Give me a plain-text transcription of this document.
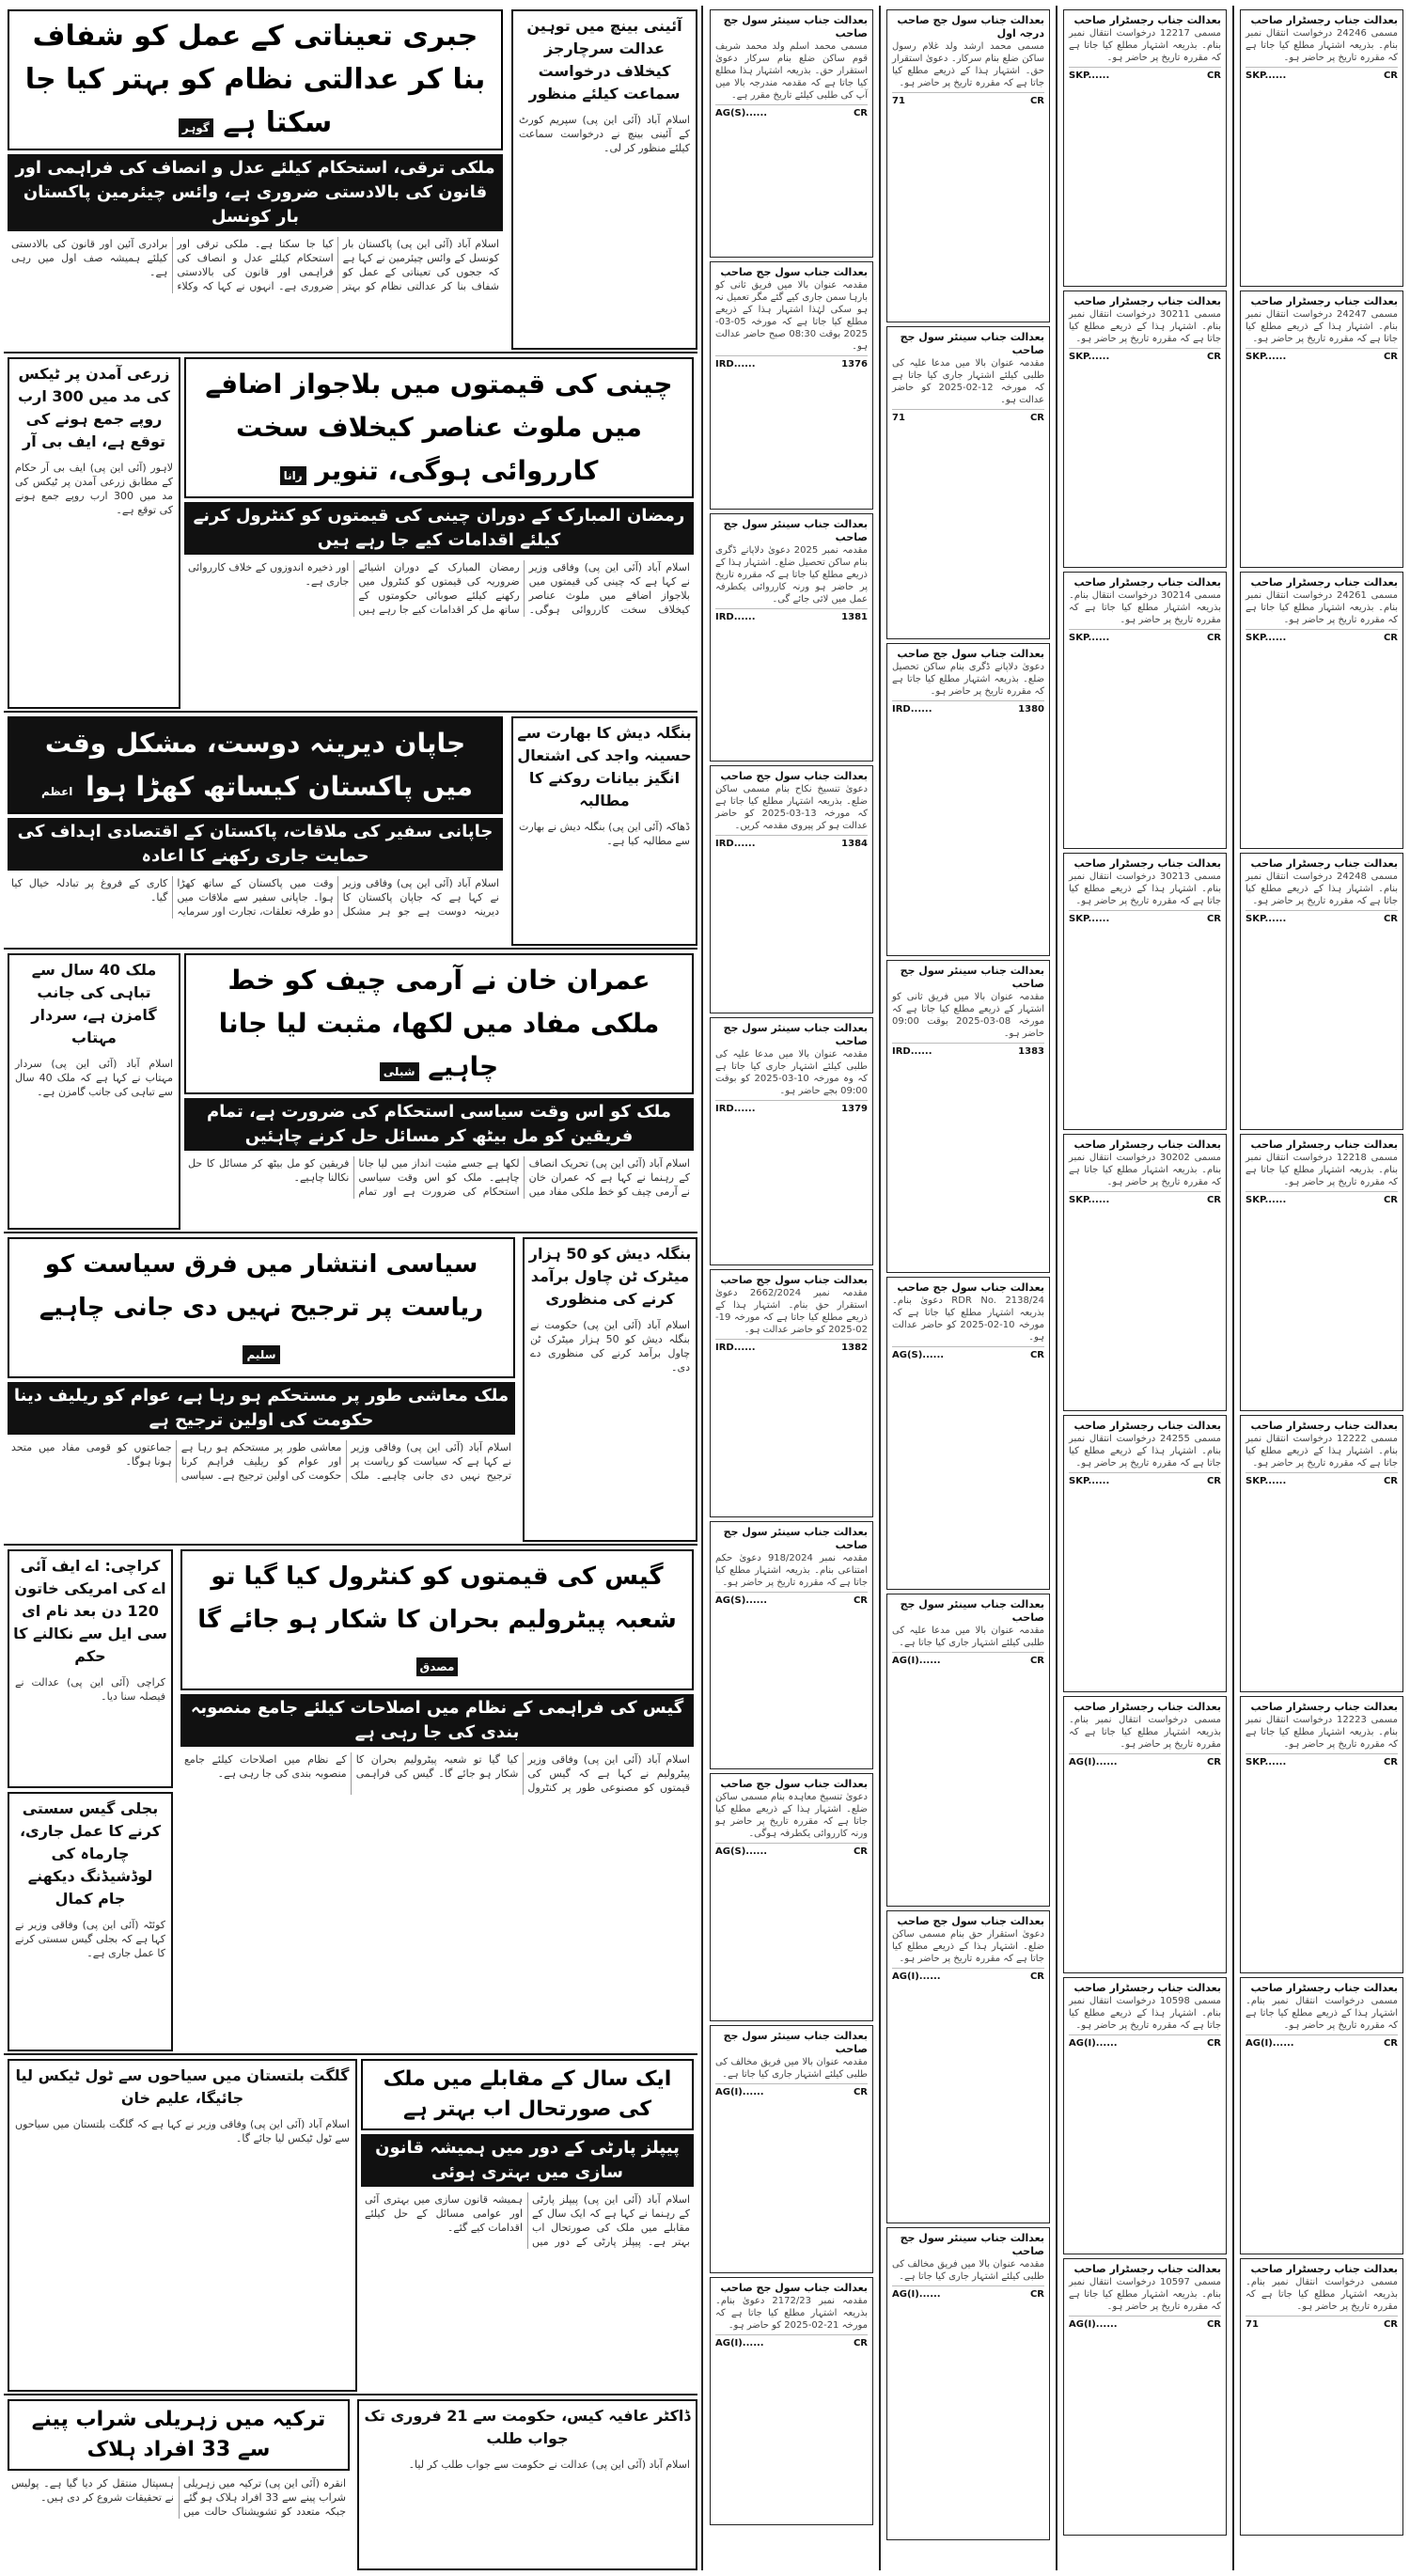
جبری تعیناتی کے عمل کو شفاف بنا کر عدالتی نظام کو بہتر کیا جا سکتا ہے گوہر
ملکی ترقی، استحکام کیلئے عدل و انصاف کی فراہمی اور قانون کی بالادستی ضروری ہے، وائس چیئرمین پاکستان بار کونسل
اسلام آباد (آئی این پی) پاکستان بار کونسل کے وائس چیئرمین نے کہا ہے کہ ججوں کی تعیناتی کے عمل کو شفاف بنا کر عدالتی نظام کو بہتر کیا جا سکتا ہے۔ ملکی ترقی اور استحکام کیلئے عدل و انصاف کی فراہمی اور قانون کی بالادستی ضروری ہے۔ انہوں نے کہا کہ وکلاء برادری آئین اور قانون کی بالادستی کیلئے ہمیشہ صف اول میں رہی ہے۔
آئینی بینچ میں توہین عدالت سرچارجز کیخلاف درخواست سماعت کیلئے منظور
اسلام آباد (آئی این پی) سپریم کورٹ کے آئینی بینچ نے درخواست سماعت کیلئے منظور کر لی۔
زرعی آمدن پر ٹیکس کی مد میں 300 ارب روپے جمع ہونے کی توقع ہے، ایف بی آر
لاہور (آئی این پی) ایف بی آر حکام کے مطابق زرعی آمدن پر ٹیکس کی مد میں 300 ارب روپے جمع ہونے کی توقع ہے۔
چینی کی قیمتوں میں بلاجواز اضافے میں ملوث عناصر کیخلاف سخت کارروائی ہوگی، تنویر رانا
رمضان المبارک کے دوران چینی کی قیمتوں کو کنٹرول کرنے کیلئے اقدامات کیے جا رہے ہیں
اسلام آباد (آئی این پی) وفاقی وزیر نے کہا ہے کہ چینی کی قیمتوں میں بلاجواز اضافے میں ملوث عناصر کیخلاف سخت کارروائی ہوگی۔ رمضان المبارک کے دوران اشیائے ضروریہ کی قیمتوں کو کنٹرول میں رکھنے کیلئے صوبائی حکومتوں کے ساتھ مل کر اقدامات کیے جا رہے ہیں اور ذخیرہ اندوزوں کے خلاف کارروائی جاری ہے۔
جاپان دیرینہ دوست، مشکل وقت میں پاکستان کیساتھ کھڑا ہوا اعظم
جاپانی سفیر کی ملاقات، پاکستان کے اقتصادی اہداف کی حمایت جاری رکھنے کا اعادہ
اسلام آباد (آئی این پی) وفاقی وزیر نے کہا ہے کہ جاپان پاکستان کا دیرینہ دوست ہے جو ہر مشکل وقت میں پاکستان کے ساتھ کھڑا ہوا۔ جاپانی سفیر سے ملاقات میں دو طرفہ تعلقات، تجارت اور سرمایہ کاری کے فروغ پر تبادلہ خیال کیا گیا۔
بنگلہ دیش کا بھارت سے حسینہ واجد کی اشتعال انگیز بیانات روکنے کا مطالبہ
ڈھاکہ (آئی این پی) بنگلہ دیش نے بھارت سے مطالبہ کیا ہے۔
ملک 40 سال سے تباہی کی جانب گامزن ہے، سردار مہتاب
اسلام آباد (آئی این پی) سردار مہتاب نے کہا ہے کہ ملک 40 سال سے تباہی کی جانب گامزن ہے۔
عمران خان نے آرمی چیف کو خط ملکی مفاد میں لکھا، مثبت لیا جانا چاہیے شبلی
ملک کو اس وقت سیاسی استحکام کی ضرورت ہے، تمام فریقین کو مل بیٹھ کر مسائل حل کرنے چاہئیں
اسلام آباد (آئی این پی) تحریک انصاف کے رہنما نے کہا ہے کہ عمران خان نے آرمی چیف کو خط ملکی مفاد میں لکھا ہے جسے مثبت انداز میں لیا جانا چاہیے۔ ملک کو اس وقت سیاسی استحکام کی ضرورت ہے اور تمام فریقین کو مل بیٹھ کر مسائل کا حل نکالنا چاہیے۔
سیاسی انتشار میں فرق سیاست کو ریاست پر ترجیح نہیں دی جانی چاہیے سلیم
ملک معاشی طور پر مستحکم ہو رہا ہے، عوام کو ریلیف دینا حکومت کی اولین ترجیح ہے
اسلام آباد (آئی این پی) وفاقی وزیر نے کہا ہے کہ سیاست کو ریاست پر ترجیح نہیں دی جانی چاہیے۔ ملک معاشی طور پر مستحکم ہو رہا ہے اور عوام کو ریلیف فراہم کرنا حکومت کی اولین ترجیح ہے۔ سیاسی جماعتوں کو قومی مفاد میں متحد ہونا ہوگا۔
بنگلہ دیش کو 50 ہزار میٹرک ٹن چاول برآمد کرنے کی منظوری
اسلام آباد (آئی این پی) حکومت نے بنگلہ دیش کو 50 ہزار میٹرک ٹن چاول برآمد کرنے کی منظوری دے دی۔
کراچی: اے ایف آئی اے کی امریکی خاتون 120 دن بعد نام ای سی ایل سے نکالنے کا حکم
کراچی (آئی این پی) عدالت نے فیصلہ سنا دیا۔
بجلی گیس سستی کرنے کا عمل جاری، چارماہ کی لوڈشیڈنگ دیکھنے جام کمال
کوئٹہ (آئی این پی) وفاقی وزیر نے کہا ہے کہ بجلی گیس سستی کرنے کا عمل جاری ہے۔
گیس کی قیمتوں کو کنٹرول کیا گیا تو شعبہ پیٹرولیم بحران کا شکار ہو جائے گا مصدق
گیس کی فراہمی کے نظام میں اصلاحات کیلئے جامع منصوبہ بندی کی جا رہی ہے
اسلام آباد (آئی این پی) وفاقی وزیر پیٹرولیم نے کہا ہے کہ گیس کی قیمتوں کو مصنوعی طور پر کنٹرول کیا گیا تو شعبہ پیٹرولیم بحران کا شکار ہو جائے گا۔ گیس کی فراہمی کے نظام میں اصلاحات کیلئے جامع منصوبہ بندی کی جا رہی ہے۔
گلگت بلتستان میں سیاحوں سے ٹول ٹیکس لیا جائیگا، علیم خان
اسلام آباد (آئی این پی) وفاقی وزیر نے کہا ہے کہ گلگت بلتستان میں سیاحوں سے ٹول ٹیکس لیا جائے گا۔
ایک سال کے مقابلے میں ملک کی صورتحال اب بہتر ہے
پیپلز پارٹی کے دور میں ہمیشہ قانون سازی میں بہتری ہوئی
اسلام آباد (آئی این پی) پیپلز پارٹی کے رہنما نے کہا ہے کہ ایک سال کے مقابلے میں ملک کی صورتحال اب بہتر ہے۔ پیپلز پارٹی کے دور میں ہمیشہ قانون سازی میں بہتری آئی اور عوامی مسائل کے حل کیلئے اقدامات کیے گئے۔
ترکیہ میں زہریلی شراب پینے سے 33 افراد ہلاک
انقرہ (آئی این پی) ترکیہ میں زہریلی شراب پینے سے 33 افراد ہلاک ہو گئے جبکہ متعدد کو تشویشناک حالت میں ہسپتال منتقل کر دیا گیا ہے۔ پولیس نے تحقیقات شروع کر دی ہیں۔
ڈاکٹر عافیہ کیس، حکومت سے 21 فروری تک جواب طلب
اسلام آباد (آئی این پی) عدالت نے حکومت سے جواب طلب کر لیا۔
بعدالت جناب سینئر سول جج صاحب
مسمی محمد اسلم ولد محمد شریف قوم ساکن ضلع بنام سرکار دعویٰ استقرار حق۔ بذریعہ اشتہار ہذا مطلع کیا جاتا ہے کہ مقدمہ مندرجہ بالا میں آپ کی طلبی کیلئے تاریخ مقرر ہے۔
AG(S)......	CR
بعدالت جناب سول جج صاحب
مقدمہ عنوان بالا میں فریق ثانی کو بارہا سمن جاری کیے گئے مگر تعمیل نہ ہو سکی لہٰذا اشتہار ہذا کے ذریعے مطلع کیا جاتا ہے کہ مورخہ 05-03-2025 بوقت 08:30 صبح حاضر عدالت ہو۔
IRD......	1376
بعدالت جناب سینئر سول جج صاحب
مقدمہ نمبر 2025 دعویٰ دلاپانے ڈگری بنام ساکن تحصیل ضلع۔ اشتہار ہذا کے ذریعے مطلع کیا جاتا ہے کہ مقررہ تاریخ پر حاضر ہو ورنہ کارروائی یکطرفہ عمل میں لائی جائے گی۔
IRD......	1381
بعدالت جناب سول جج صاحب
دعویٰ تنسیخ نکاح بنام مسمی ساکن ضلع۔ بذریعہ اشتہار مطلع کیا جاتا ہے کہ مورخہ 13-03-2025 کو حاضر عدالت ہو کر پیروی مقدمہ کریں۔
IRD......	1384
بعدالت جناب سینئر سول جج صاحب
مقدمہ عنوان بالا میں مدعا علیہ کی طلبی کیلئے اشتہار جاری کیا جاتا ہے کہ وہ مورخہ 10-03-2025 کو بوقت 09:00 بجے حاضر ہو۔
IRD......	1379
بعدالت جناب سول جج صاحب
مقدمہ نمبر 2662/2024 دعویٰ استقرار حق بنام۔ اشتہار ہذا کے ذریعے مطلع کیا جاتا ہے کہ مورخہ 19-02-2025 کو حاضر عدالت ہو۔
IRD......	1382
بعدالت جناب سینئر سول جج صاحب
مقدمہ نمبر 918/2024 دعویٰ حکم امتناعی بنام۔ بذریعہ اشتہار مطلع کیا جاتا ہے کہ مقررہ تاریخ پر حاضر ہو۔
AG(S)......	CR
بعدالت جناب سول جج صاحب
دعویٰ تنسیخ معاہدہ بنام مسمی ساکن ضلع۔ اشتہار ہذا کے ذریعے مطلع کیا جاتا ہے کہ مقررہ تاریخ پر حاضر ہو ورنہ کارروائی یکطرفہ ہوگی۔
AG(S)......	CR
بعدالت جناب سینئر سول جج صاحب
مقدمہ عنوان بالا میں فریق مخالف کی طلبی کیلئے اشتہار جاری کیا جاتا ہے۔
AG(I)......	CR
بعدالت جناب سول جج صاحب
مقدمہ نمبر 2172/23 دعویٰ بنام۔ بذریعہ اشتہار مطلع کیا جاتا ہے کہ مورخہ 21-02-2025 کو حاضر ہو۔
AG(I)......	CR
بعدالت جناب سول جج صاحب درجہ اول
مسمی محمد ارشد ولد غلام رسول ساکن ضلع بنام سرکار۔ دعویٰ استقرار حق۔ اشتہار ہذا کے ذریعے مطلع کیا جاتا ہے کہ مقررہ تاریخ پر حاضر ہو۔
71	CR
بعدالت جناب سینئر سول جج صاحب
مقدمہ عنوان بالا میں مدعا علیہ کی طلبی کیلئے اشتہار جاری کیا جاتا ہے کہ مورخہ 12-02-2025 کو حاضر عدالت ہو۔
71	CR
بعدالت جناب سول جج صاحب
دعویٰ دلاپانے ڈگری بنام ساکن تحصیل ضلع۔ بذریعہ اشتہار مطلع کیا جاتا ہے کہ مقررہ تاریخ پر حاضر ہو۔
IRD......	1380
بعدالت جناب سینئر سول جج صاحب
مقدمہ عنوان بالا میں فریق ثانی کو اشتہار کے ذریعے مطلع کیا جاتا ہے کہ مورخہ 08-03-2025 بوقت 09:00 حاضر ہو۔
IRD......	1383
بعدالت جناب سول جج صاحب
RDR No. 2138/24 دعویٰ بنام۔ بذریعہ اشتہار مطلع کیا جاتا ہے کہ مورخہ 10-02-2025 کو حاضر عدالت ہو۔
AG(S)......	CR
بعدالت جناب سینئر سول جج صاحب
مقدمہ عنوان بالا میں مدعا علیہ کی طلبی کیلئے اشتہار جاری کیا جاتا ہے۔
AG(I)......	CR
بعدالت جناب سول جج صاحب
دعویٰ استقرار حق بنام مسمی ساکن ضلع۔ اشتہار ہذا کے ذریعے مطلع کیا جاتا ہے کہ مقررہ تاریخ پر حاضر ہو۔
AG(I)......	CR
بعدالت جناب سینئر سول جج صاحب
مقدمہ عنوان بالا میں فریق مخالف کی طلبی کیلئے اشتہار جاری کیا جاتا ہے۔
AG(I)......	CR
بعدالت جناب رجسٹرار صاحب
مسمی 12217 درخواست انتقال نمبر بنام۔ بذریعہ اشتہار مطلع کیا جاتا ہے کہ مقررہ تاریخ پر حاضر ہو۔
SKP......	CR
بعدالت جناب رجسٹرار صاحب
مسمی 30211 درخواست انتقال نمبر بنام۔ اشتہار ہذا کے ذریعے مطلع کیا جاتا ہے کہ مقررہ تاریخ پر حاضر ہو۔
SKP......	CR
بعدالت جناب رجسٹرار صاحب
مسمی 30214 درخواست انتقال بنام۔ بذریعہ اشتہار مطلع کیا جاتا ہے کہ مقررہ تاریخ پر حاضر ہو۔
SKP......	CR
بعدالت جناب رجسٹرار صاحب
مسمی 30213 درخواست انتقال نمبر بنام۔ اشتہار ہذا کے ذریعے مطلع کیا جاتا ہے کہ مقررہ تاریخ پر حاضر ہو۔
SKP......	CR
بعدالت جناب رجسٹرار صاحب
مسمی 30202 درخواست انتقال نمبر بنام۔ بذریعہ اشتہار مطلع کیا جاتا ہے کہ مقررہ تاریخ پر حاضر ہو۔
SKP......	CR
بعدالت جناب رجسٹرار صاحب
مسمی 24255 درخواست انتقال نمبر بنام۔ اشتہار ہذا کے ذریعے مطلع کیا جاتا ہے کہ مقررہ تاریخ پر حاضر ہو۔
SKP......	CR
بعدالت جناب رجسٹرار صاحب
مسمی درخواست انتقال نمبر بنام۔ بذریعہ اشتہار مطلع کیا جاتا ہے کہ مقررہ تاریخ پر حاضر ہو۔
AG(I)......	CR
بعدالت جناب رجسٹرار صاحب
مسمی 10598 درخواست انتقال نمبر بنام۔ اشتہار ہذا کے ذریعے مطلع کیا جاتا ہے کہ مقررہ تاریخ پر حاضر ہو۔
AG(I)......	CR
بعدالت جناب رجسٹرار صاحب
مسمی 10597 درخواست انتقال نمبر بنام۔ بذریعہ اشتہار مطلع کیا جاتا ہے کہ مقررہ تاریخ پر حاضر ہو۔
AG(I)......	CR
بعدالت جناب رجسٹرار صاحب
مسمی 24246 درخواست انتقال نمبر بنام۔ بذریعہ اشتہار مطلع کیا جاتا ہے کہ مقررہ تاریخ پر حاضر ہو۔
SKP......	CR
بعدالت جناب رجسٹرار صاحب
مسمی 24247 درخواست انتقال نمبر بنام۔ اشتہار ہذا کے ذریعے مطلع کیا جاتا ہے کہ مقررہ تاریخ پر حاضر ہو۔
SKP......	CR
بعدالت جناب رجسٹرار صاحب
مسمی 24261 درخواست انتقال نمبر بنام۔ بذریعہ اشتہار مطلع کیا جاتا ہے کہ مقررہ تاریخ پر حاضر ہو۔
SKP......	CR
بعدالت جناب رجسٹرار صاحب
مسمی 24248 درخواست انتقال نمبر بنام۔ اشتہار ہذا کے ذریعے مطلع کیا جاتا ہے کہ مقررہ تاریخ پر حاضر ہو۔
SKP......	CR
بعدالت جناب رجسٹرار صاحب
مسمی 12218 درخواست انتقال نمبر بنام۔ بذریعہ اشتہار مطلع کیا جاتا ہے کہ مقررہ تاریخ پر حاضر ہو۔
SKP......	CR
بعدالت جناب رجسٹرار صاحب
مسمی 12222 درخواست انتقال نمبر بنام۔ اشتہار ہذا کے ذریعے مطلع کیا جاتا ہے کہ مقررہ تاریخ پر حاضر ہو۔
SKP......	CR
بعدالت جناب رجسٹرار صاحب
مسمی 12223 درخواست انتقال نمبر بنام۔ بذریعہ اشتہار مطلع کیا جاتا ہے کہ مقررہ تاریخ پر حاضر ہو۔
SKP......	CR
بعدالت جناب رجسٹرار صاحب
مسمی درخواست انتقال نمبر بنام۔ اشتہار ہذا کے ذریعے مطلع کیا جاتا ہے کہ مقررہ تاریخ پر حاضر ہو۔
AG(I)......	CR
بعدالت جناب رجسٹرار صاحب
مسمی درخواست انتقال نمبر بنام۔ بذریعہ اشتہار مطلع کیا جاتا ہے کہ مقررہ تاریخ پر حاضر ہو۔
71	CR
